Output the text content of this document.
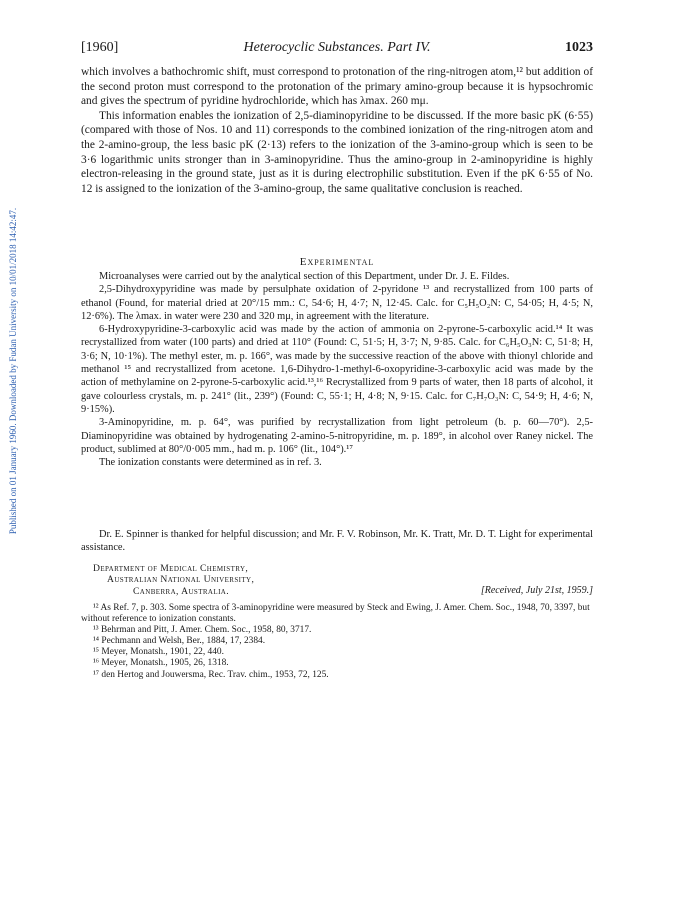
Published on 01 January 1960. Downloaded by Fudan University on 10/01/2018 14:42:47.
[1960]	Heterocyclic Substances. Part IV.	1023

which involves a bathochromic shift, must correspond to protonation of the ring-nitrogen atom,¹² but addition of the second proton must correspond to the protonation of the primary amino-group because it is hypsochromic and gives the spectrum of pyridine hydrochloride, which has λmax. 260 mμ.

This information enables the ionization of 2,5-diaminopyridine to be discussed. If the more basic pK (6·55) (compared with those of Nos. 10 and 11) corresponds to the combined ionization of the ring-nitrogen atom and the 2-amino-group, the less basic pK (2·13) refers to the ionization of the 3-amino-group which is seen to be 3·6 logarithmic units stronger than in 3-aminopyridine. Thus the amino-group in 2-aminopyridine is highly electron-releasing in the ground state, just as it is during electrophilic substitution. Even if the pK 6·55 of No. 12 is assigned to the ionization of the 3-amino-group, the same qualitative conclusion is reached.

Experimental

Microanalyses were carried out by the analytical section of this Department, under Dr. J. E. Fildes.

2,5-Dihydroxypyridine was made by persulphate oxidation of 2-pyridone ¹³ and recrystallized from 100 parts of ethanol (Found, for material dried at 20°/15 mm.: C, 54·6; H, 4·7; N, 12·45. Calc. for C₅H₅O₂N: C, 54·05; H, 4·5; N, 12·6%). The λmax. in water were 230 and 320 mμ, in agreement with the literature.

6-Hydroxypyridine-3-carboxylic acid was made by the action of ammonia on 2-pyrone-5-carboxylic acid.¹⁴ It was recrystallized from water (100 parts) and dried at 110° (Found: C, 51·5; H, 3·7; N, 9·85. Calc. for C₆H₅O₃N: C, 51·8; H, 3·6; N, 10·1%). The methyl ester, m. p. 166°, was made by the successive reaction of the above with thionyl chloride and methanol ¹⁵ and recrystallized from acetone. 1,6-Dihydro-1-methyl-6-oxopyridine-3-carboxylic acid was made by the action of methylamine on 2-pyrone-5-carboxylic acid.¹³,¹⁶ Recrystallized from 9 parts of water, then 18 parts of alcohol, it gave colourless crystals, m. p. 241° (lit., 239°) (Found: C, 55·1; H, 4·8; N, 9·15. Calc. for C₇H₇O₃N: C, 54·9; H, 4·6; N, 9·15%).

3-Aminopyridine, m. p. 64°, was purified by recrystallization from light petroleum (b. p. 60—70°). 2,5-Diaminopyridine was obtained by hydrogenating 2-amino-5-nitropyridine, m. p. 189°, in alcohol over Raney nickel. The product, sublimed at 80°/0·005 mm., had m. p. 106° (lit., 104°).¹⁷

The ionization constants were determined as in ref. 3.

Dr. E. Spinner is thanked for helpful discussion; and Mr. F. V. Robinson, Mr. K. Tratt, Mr. D. T. Light for experimental assistance.

Department of Medical Chemistry,
Australian National University,
Canberra, Australia.	[Received, July 21st, 1959.]

¹² As Ref. 7, p. 303. Some spectra of 3-aminopyridine were measured by Steck and Ewing, J. Amer. Chem. Soc., 1948, 70, 3397, but without reference to ionization constants.

¹³ Behrman and Pitt, J. Amer. Chem. Soc., 1958, 80, 3717.

¹⁴ Pechmann and Welsh, Ber., 1884, 17, 2384.

¹⁵ Meyer, Monatsh., 1901, 22, 440.

¹⁶ Meyer, Monatsh., 1905, 26, 1318.

¹⁷ den Hertog and Jouwersma, Rec. Trav. chim., 1953, 72, 125.
